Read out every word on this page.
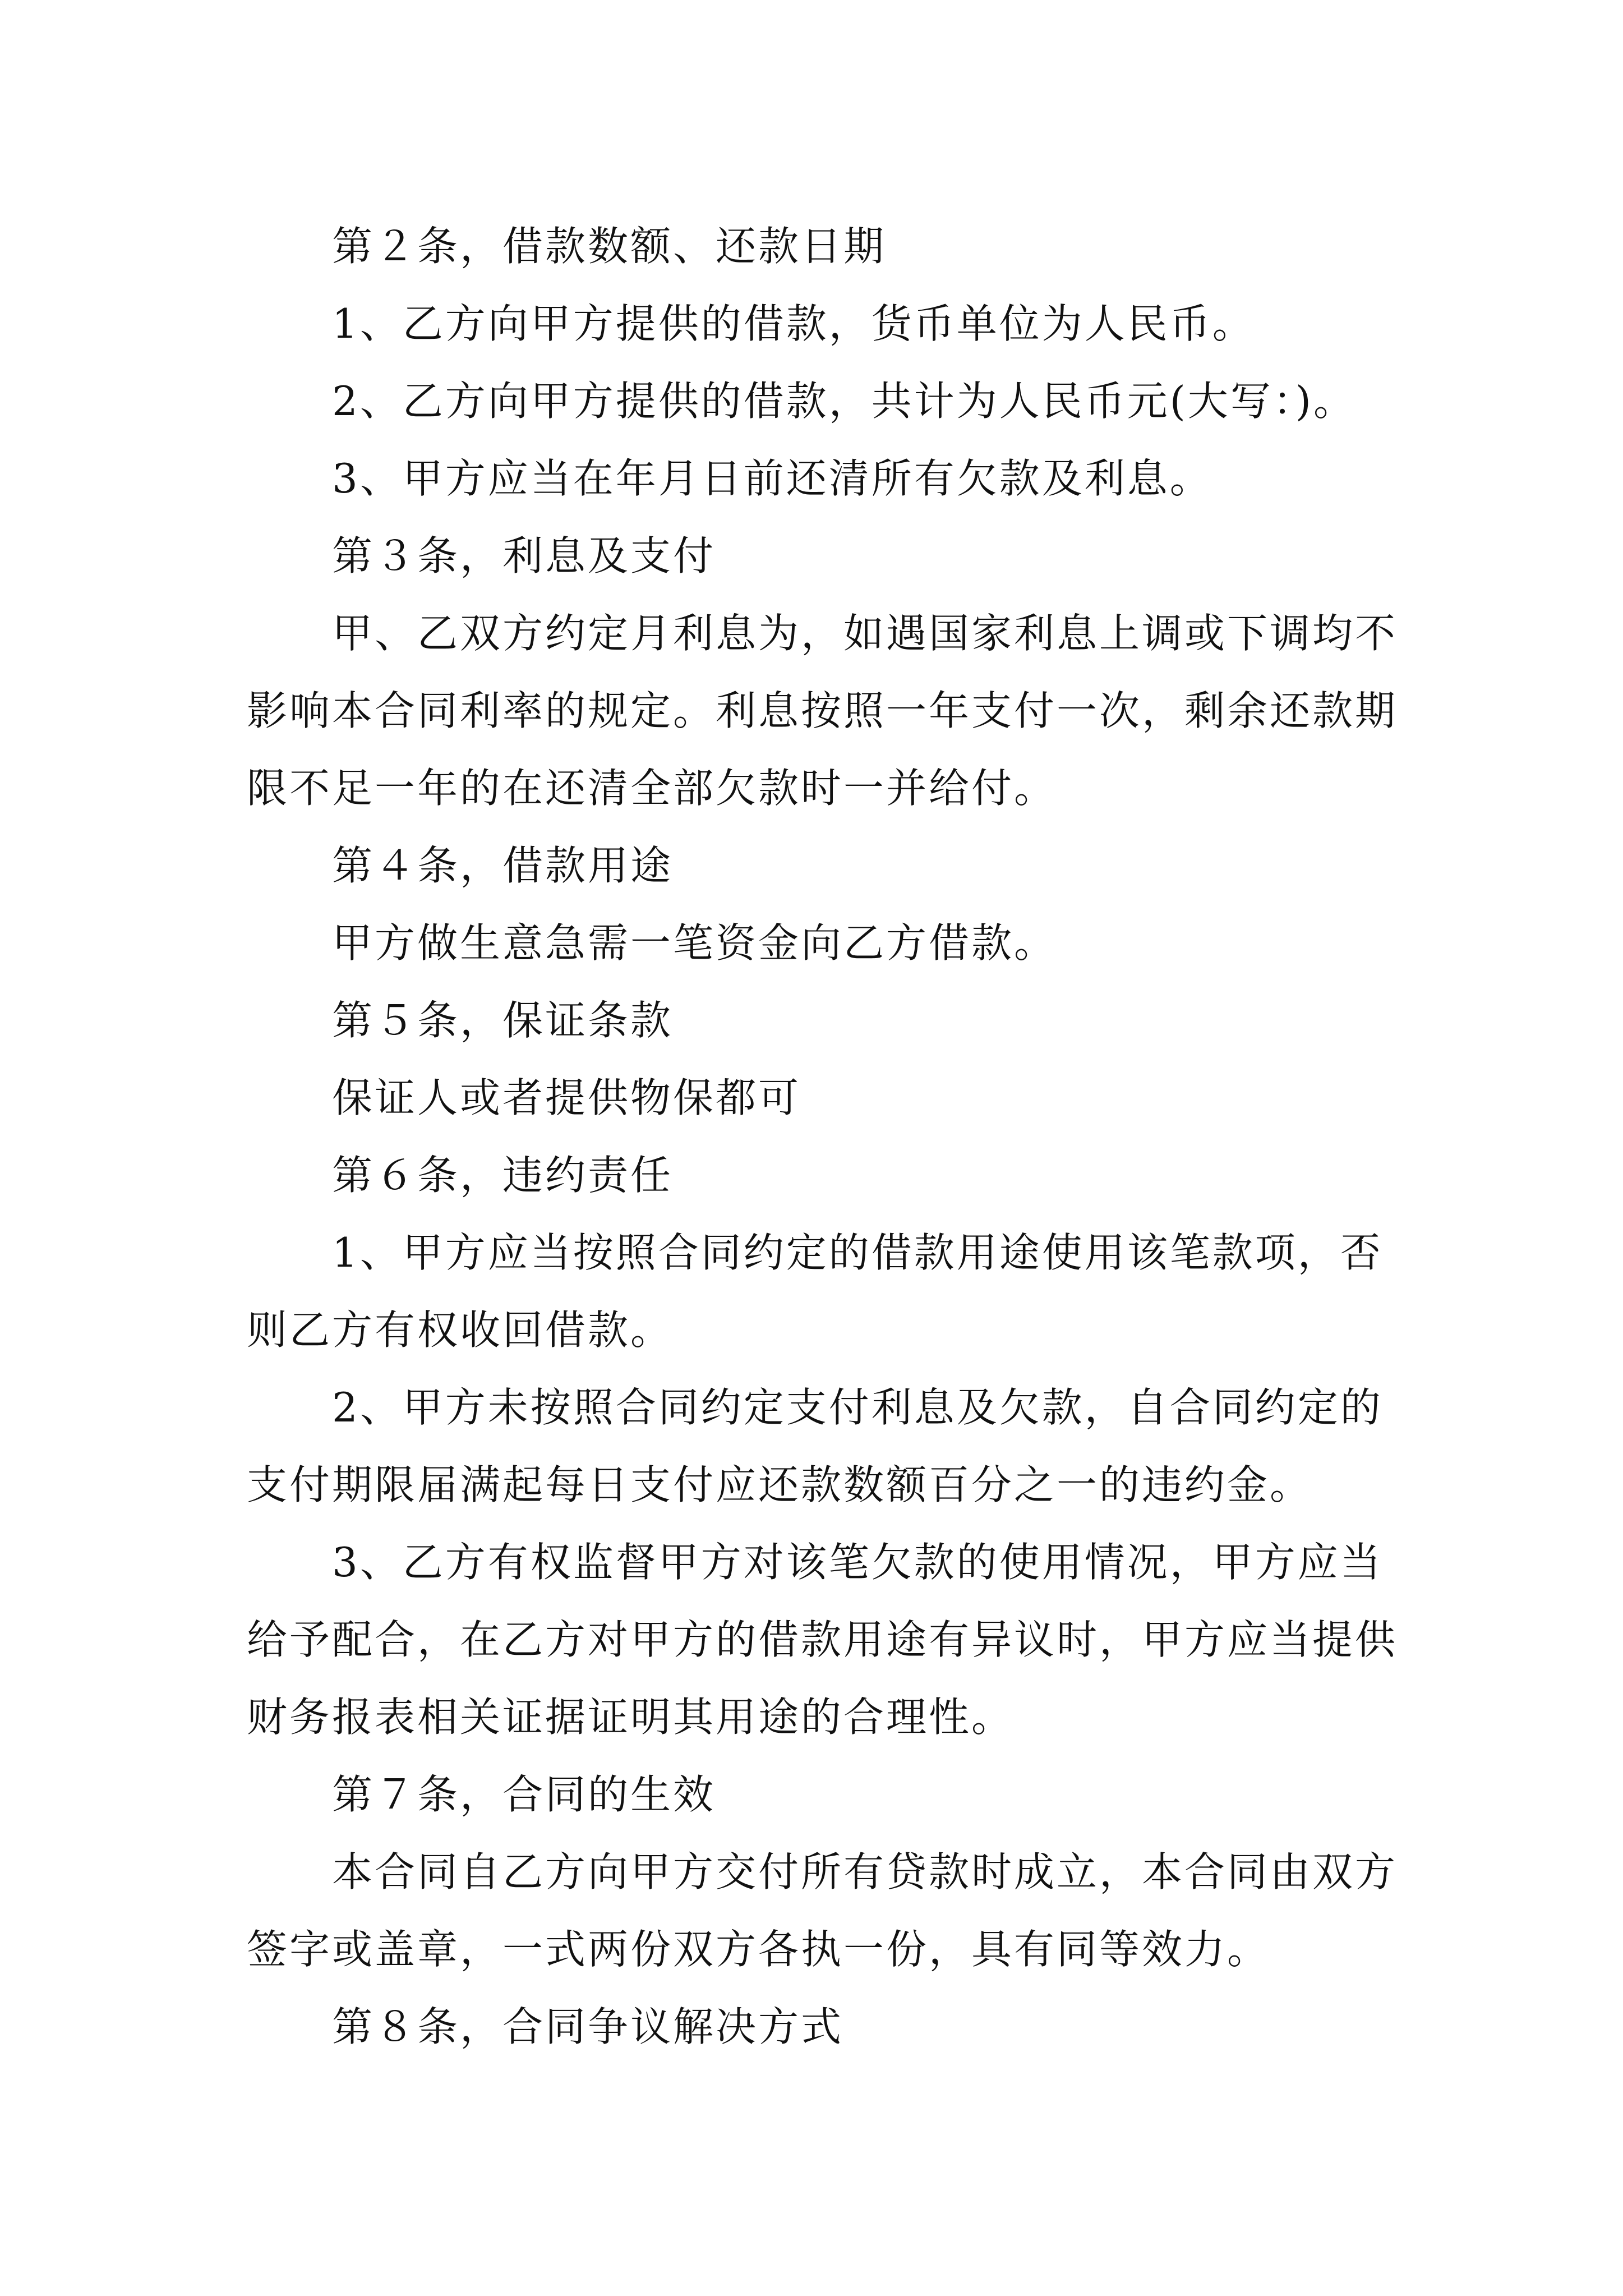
第２条，借款数额、还款日期

1、乙方向甲方提供的借款，货币单位为人民币。

2、乙方向甲方提供的借款，共计为人民币元(大写：)。

3、甲方应当在年月日前还清所有欠款及利息。

第３条，利息及支付

甲、乙双方约定月利息为，如遇国家利息上调或下调均不影响本合同利率的规定。利息按照一年支付一次，剩余还款期限不足一年的在还清全部欠款时一并给付。

第４条，借款用途

甲方做生意急需一笔资金向乙方借款。

第５条，保证条款

保证人或者提供物保都可

第６条，违约责任

1、甲方应当按照合同约定的借款用途使用该笔款项，否则乙方有权收回借款。

2、甲方未按照合同约定支付利息及欠款，自合同约定的支付期限届满起每日支付应还款数额百分之一的违约金。

3、乙方有权监督甲方对该笔欠款的使用情况，甲方应当给予配合，在乙方对甲方的借款用途有异议时，甲方应当提供财务报表相关证据证明其用途的合理性。

第７条，合同的生效

本合同自乙方向甲方交付所有贷款时成立，本合同由双方签字或盖章，一式两份双方各执一份，具有同等效力。

第８条，合同争议解决方式
